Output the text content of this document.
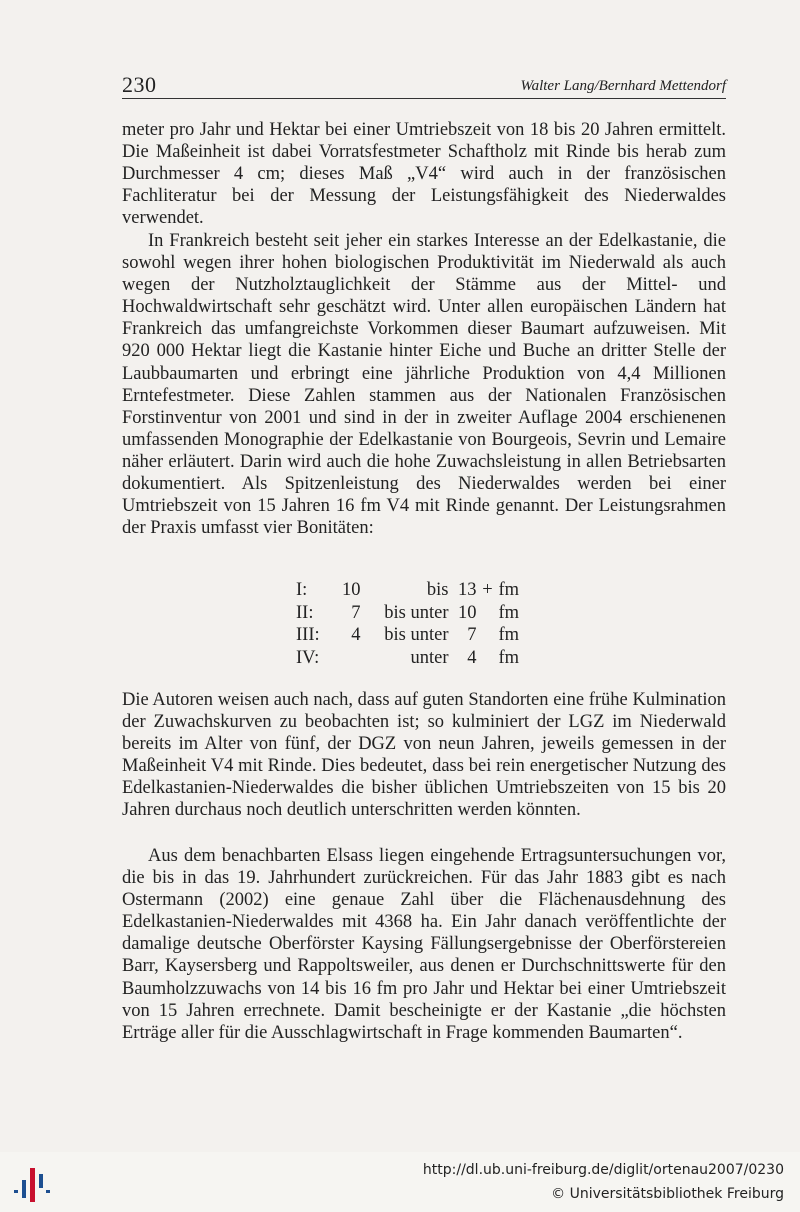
230	Walter Lang/Bernhard Mettendorf

meter pro Jahr und Hektar bei einer Umtriebszeit von 18 bis 20 Jahren ermittelt. Die Maßeinheit ist dabei Vorratsfestmeter Schaftholz mit Rinde bis herab zum Durchmesser 4 cm; dieses Maß „V4“ wird auch in der französischen Fachliteratur bei der Messung der Leistungsfähigkeit des Niederwaldes verwendet.

In Frankreich besteht seit jeher ein starkes Interesse an der Edelkastanie, die sowohl wegen ihrer hohen biologischen Produktivität im Niederwald als auch wegen der Nutzholztauglichkeit der Stämme aus der Mittel- und Hochwaldwirtschaft sehr geschätzt wird. Unter allen europäischen Ländern hat Frankreich das umfangreichste Vorkommen dieser Baumart aufzuweisen. Mit 920 000 Hektar liegt die Kastanie hinter Eiche und Buche an dritter Stelle der Laubbaumarten und erbringt eine jährliche Produktion von 4,4 Millionen Erntefestmeter. Diese Zahlen stammen aus der Nationalen Französischen Forstinventur von 2001 und sind in der in zweiter Auflage 2004 erschienenen umfassenden Monographie der Edelkastanie von Bourgeois, Sevrin und Lemaire näher erläutert. Darin wird auch die hohe Zuwachsleistung in allen Betriebsarten dokumentiert. Als Spitzenleistung des Niederwaldes werden bei einer Umtriebszeit von 15 Jahren 16 fm V4 mit Rinde genannt. Der Leistungsrahmen der Praxis umfasst vier Bonitäten:

I:	10	bis	13	+	fm
II:	7	bis unter	10		fm
III:	4	bis unter	7		fm
IV:		unter	4		fm

Die Autoren weisen auch nach, dass auf guten Standorten eine frühe Kulmination der Zuwachskurven zu beobachten ist; so kulminiert der LGZ im Niederwald bereits im Alter von fünf, der DGZ von neun Jahren, jeweils gemessen in der Maßeinheit V4 mit Rinde. Dies bedeutet, dass bei rein energetischer Nutzung des Edelkastanien-Niederwaldes die bisher üblichen Umtriebszeiten von 15 bis 20 Jahren durchaus noch deutlich unterschritten werden könnten.

Aus dem benachbarten Elsass liegen eingehende Ertragsuntersuchungen vor, die bis in das 19. Jahrhundert zurückreichen. Für das Jahr 1883 gibt es nach Ostermann (2002) eine genaue Zahl über die Flächenausdehnung des Edelkastanien-Niederwaldes mit 4368 ha. Ein Jahr danach veröffentlichte der damalige deutsche Oberförster Kaysing Fällungsergebnisse der Oberförstereien Barr, Kaysersberg und Rappoltsweiler, aus denen er Durchschnittswerte für den Baumholzzuwachs von 14 bis 16 fm pro Jahr und Hektar bei einer Umtriebszeit von 15 Jahren errechnete. Damit bescheinigte er der Kastanie „die höchsten Erträge aller für die Ausschlagwirtschaft in Frage kommenden Baumarten“.

http://dl.ub.uni-freiburg.de/diglit/ortenau2007/0230
© Universitätsbibliothek Freiburg
